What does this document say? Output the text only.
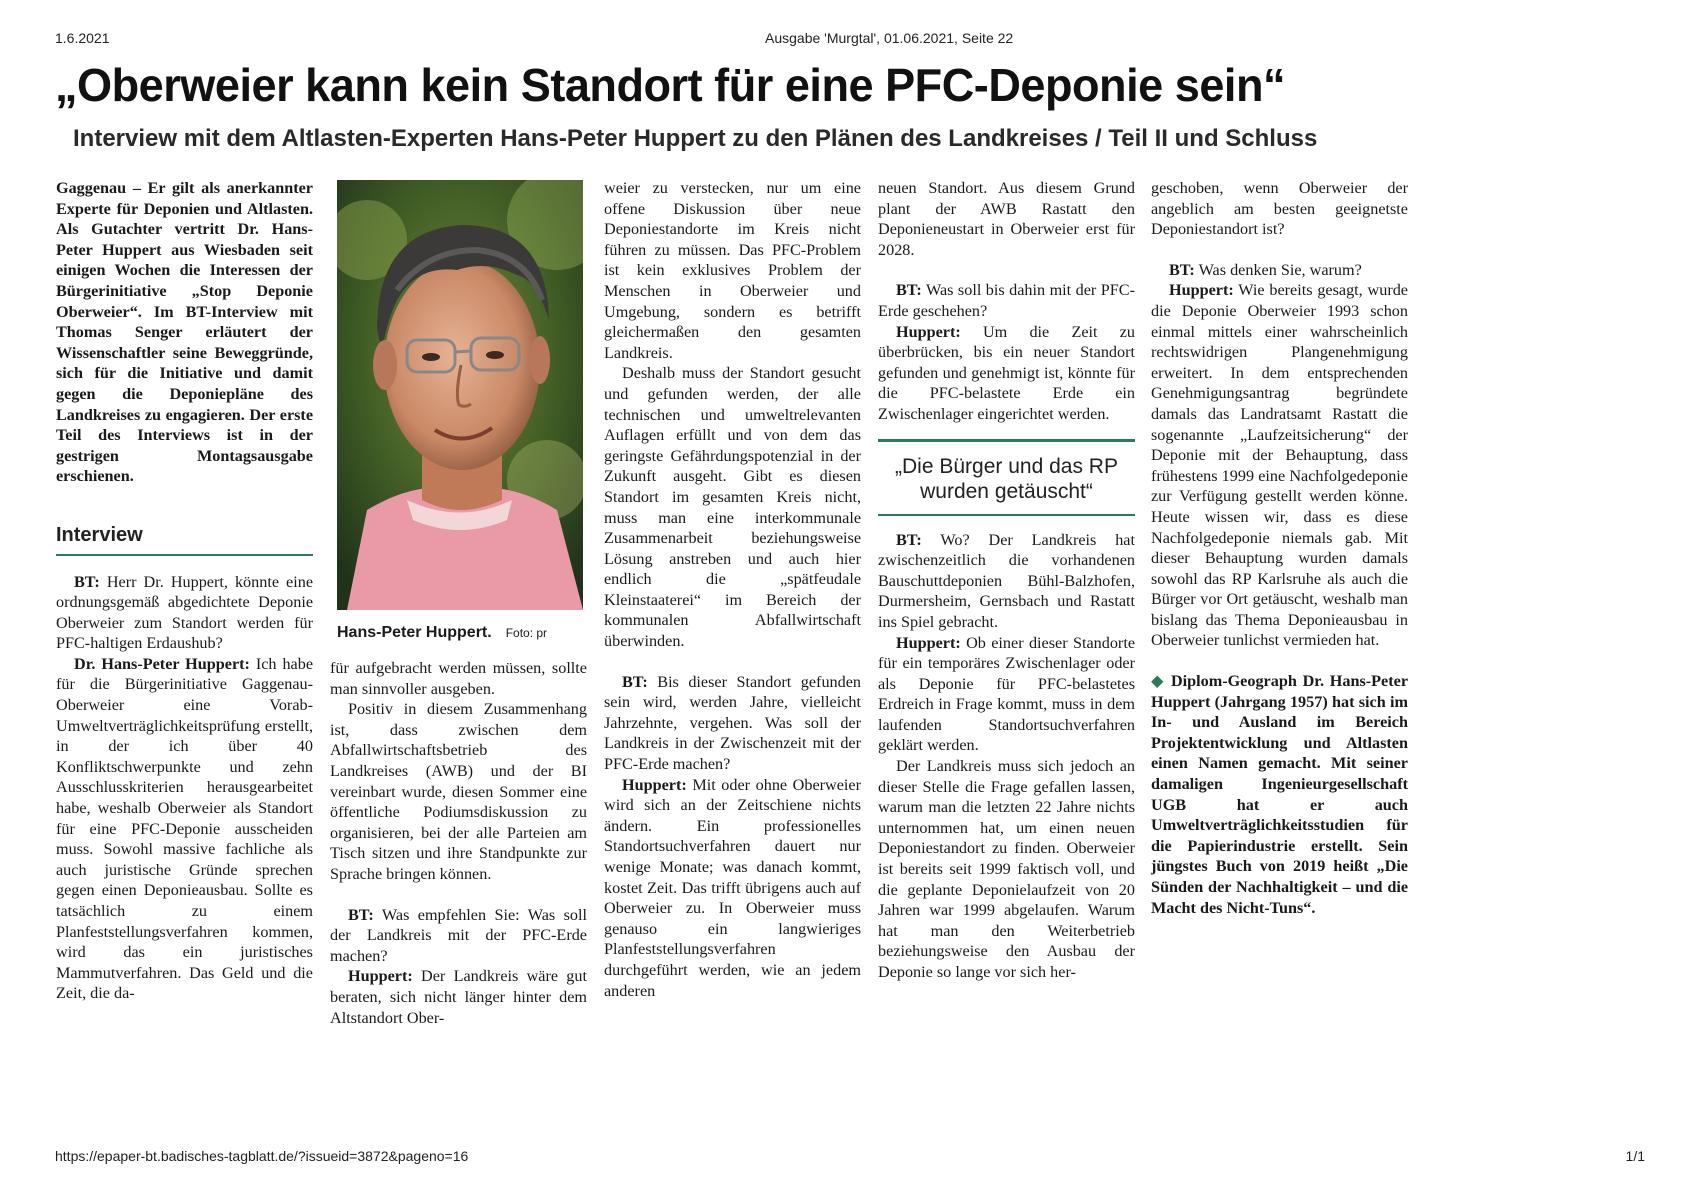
1.6.2021	Ausgabe 'Murgtal', 01.06.2021, Seite 22
„Oberweier kann kein Standort für eine PFC-Deponie sein“
Interview mit dem Altlasten-Experten Hans-Peter Huppert zu den Plänen des Landkreises / Teil II und Schluss

Gaggenau – Er gilt als anerkannter Experte für Deponien und Altlasten. Als Gutachter vertritt Dr. Hans-Peter Huppert aus Wiesbaden seit einigen Wochen die Interessen der Bürgerinitiative „Stop Deponie Oberweier“. Im BT-Interview mit Thomas Senger erläutert der Wissenschaftler seine Beweggründe, sich für die Initiative und damit gegen die Deponiepläne des Landkreises zu engagieren. Der erste Teil des Interviews ist in der gestrigen Montagsausgabe erschienen.

Interview

BT: Herr Dr. Huppert, könnte eine ordnungsgemäß abgedichtete Deponie Oberweier zum Standort werden für PFC-haltigen Erdaushub?

Dr. Hans-Peter Huppert: Ich habe für die Bürgerinitiative Gaggenau-Oberweier eine Vorab-Umweltverträglichkeitsprüfung erstellt, in der ich über 40 Konfliktschwerpunkte und zehn Ausschlusskriterien herausgearbeitet habe, weshalb Oberweier als Standort für eine PFC-Deponie ausscheiden muss. Sowohl massive fachliche als auch juristische Gründe sprechen gegen einen Deponieausbau. Sollte es tatsächlich zu einem Planfeststellungsverfahren kommen, wird das ein juristisches Mammutverfahren. Das Geld und die Zeit, die da-

Hans-Peter Huppert. Foto: pr

für aufgebracht werden müssen, sollte man sinnvoller ausgeben.

Positiv in diesem Zusammenhang ist, dass zwischen dem Abfallwirtschaftsbetrieb des Landkreises (AWB) und der BI vereinbart wurde, diesen Sommer eine öffentliche Podiumsdiskussion zu organisieren, bei der alle Parteien am Tisch sitzen und ihre Standpunkte zur Sprache bringen können.

BT: Was empfehlen Sie: Was soll der Landkreis mit der PFC-Erde machen?

Huppert: Der Landkreis wäre gut beraten, sich nicht länger hinter dem Altstandort Ober-

weier zu verstecken, nur um eine offene Diskussion über neue Deponiestandorte im Kreis nicht führen zu müssen. Das PFC-Problem ist kein exklusives Problem der Menschen in Oberweier und Umgebung, sondern es betrifft gleichermaßen den gesamten Landkreis.

Deshalb muss der Standort gesucht und gefunden werden, der alle technischen und umweltrelevanten Auflagen erfüllt und von dem das geringste Gefährdungspotenzial in der Zukunft ausgeht. Gibt es diesen Standort im gesamten Kreis nicht, muss man eine interkommunale Zusammenarbeit beziehungsweise Lösung anstreben und auch hier endlich die „spätfeudale Kleinstaaterei“ im Bereich der kommunalen Abfallwirtschaft überwinden.

BT: Bis dieser Standort gefunden sein wird, werden Jahre, vielleicht Jahrzehnte, vergehen. Was soll der Landkreis in der Zwischenzeit mit der PFC-Erde machen?

Huppert: Mit oder ohne Oberweier wird sich an der Zeitschiene nichts ändern. Ein professionelles Standortsuchverfahren dauert nur wenige Monate; was danach kommt, kostet Zeit. Das trifft übrigens auch auf Oberweier zu. In Oberweier muss genauso ein langwieriges Planfeststellungsverfahren durchgeführt werden, wie an jedem anderen

neuen Standort. Aus diesem Grund plant der AWB Rastatt den Deponieneustart in Oberweier erst für 2028.

BT: Was soll bis dahin mit der PFC-Erde geschehen?

Huppert: Um die Zeit zu überbrücken, bis ein neuer Standort gefunden und genehmigt ist, könnte für die PFC-belastete Erde ein Zwischenlager eingerichtet werden.

„Die Bürger und das RP wurden getäuscht“

BT: Wo? Der Landkreis hat zwischenzeitlich die vorhandenen Bauschuttdeponien Bühl-Balzhofen, Durmersheim, Gernsbach und Rastatt ins Spiel gebracht.

Huppert: Ob einer dieser Standorte für ein temporäres Zwischenlager oder als Deponie für PFC-belastetes Erdreich in Frage kommt, muss in dem laufenden Standortsuchverfahren geklärt werden.

Der Landkreis muss sich jedoch an dieser Stelle die Frage gefallen lassen, warum man die letzten 22 Jahre nichts unternommen hat, um einen neuen Deponiestandort zu finden. Oberweier ist bereits seit 1999 faktisch voll, und die geplante Deponielaufzeit von 20 Jahren war 1999 abgelaufen. Warum hat man den Weiterbetrieb beziehungsweise den Ausbau der Deponie so lange vor sich her-

geschoben, wenn Oberweier der angeblich am besten geeignetste Deponiestandort ist?

BT: Was denken Sie, warum?

Huppert: Wie bereits gesagt, wurde die Deponie Oberweier 1993 schon einmal mittels einer wahrscheinlich rechtswidrigen Plangenehmigung erweitert. In dem entsprechenden Genehmigungsantrag begründete damals das Landratsamt Rastatt die sogenannte „Laufzeitsicherung“ der Deponie mit der Behauptung, dass frühestens 1999 eine Nachfolgedeponie zur Verfügung gestellt werden könne. Heute wissen wir, dass es diese Nachfolgedeponie niemals gab. Mit dieser Behauptung wurden damals sowohl das RP Karlsruhe als auch die Bürger vor Ort getäuscht, weshalb man bislang das Thema Deponieausbau in Oberweier tunlichst vermieden hat.

◆ Diplom-Geograph Dr. Hans-Peter Huppert (Jahrgang 1957) hat sich im In- und Ausland im Bereich Projektentwicklung und Altlasten einen Namen gemacht. Mit seiner damaligen Ingenieurgesellschaft UGB hat er auch Umweltverträglichkeitsstudien für die Papierindustrie erstellt. Sein jüngstes Buch von 2019 heißt „Die Sünden der Nachhaltigkeit – und die Macht des Nicht-Tuns“.

https://epaper-bt.badisches-tagblatt.de/?issueid=3872&pageno=16	1/1
